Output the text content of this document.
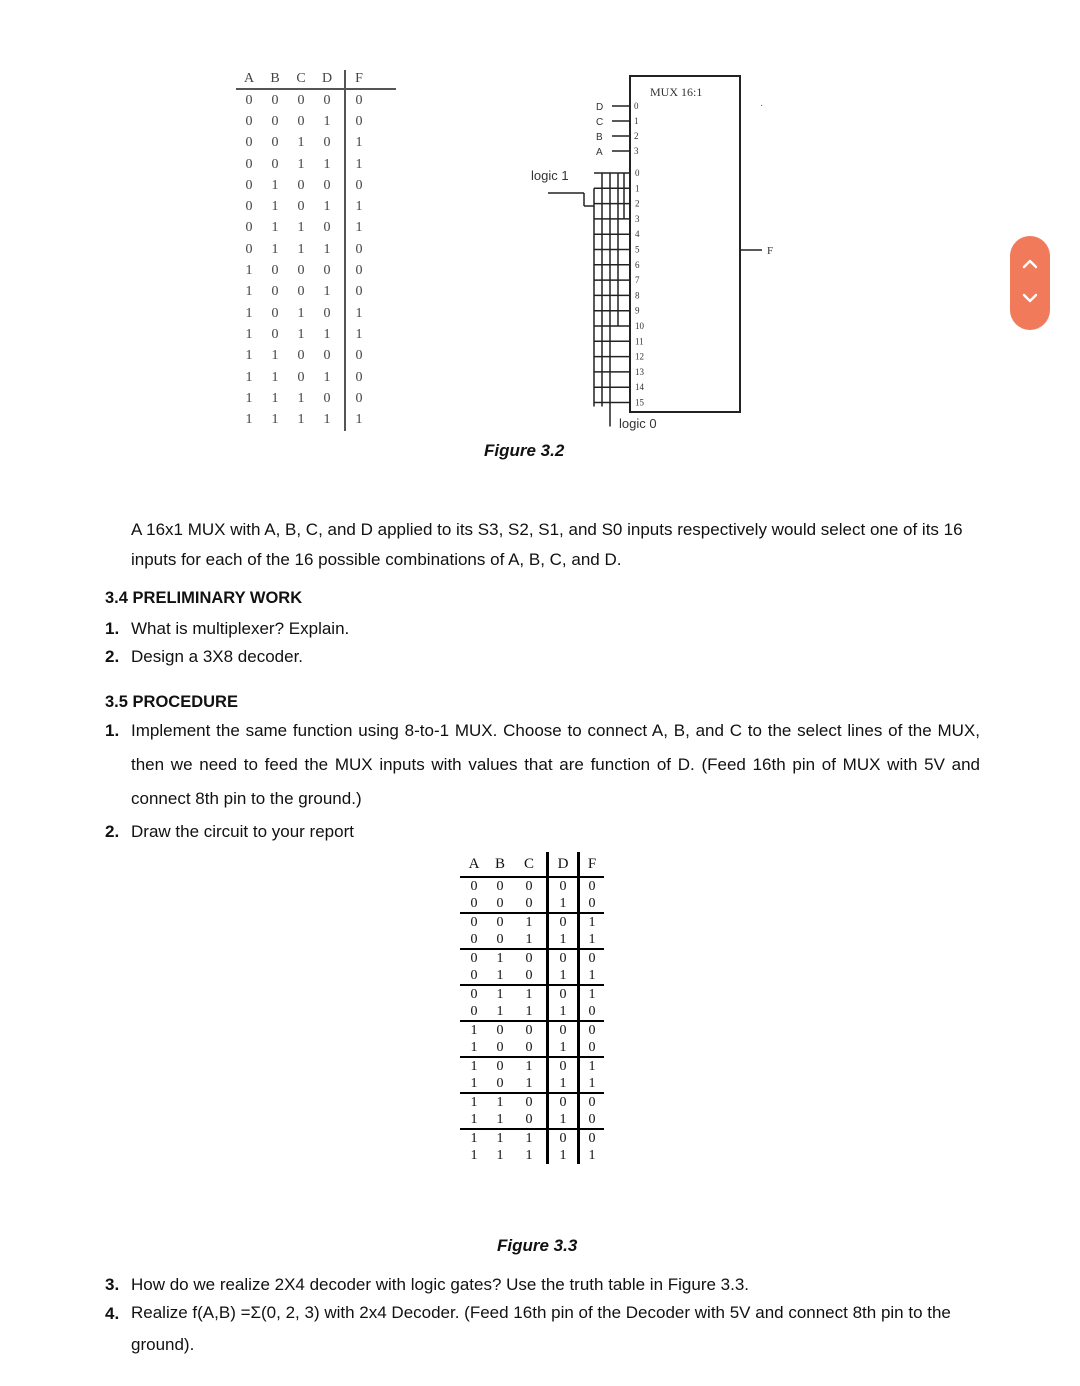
A	B	C	D	F
0	0	0	0	0
0	0	0	1	0
0	0	1	0	1
0	0	1	1	1
0	1	0	0	0
0	1	0	1	1
0	1	1	0	1
0	1	1	1	0
1	0	0	0	0
1	0	0	1	0
1	0	1	0	1
1	0	1	1	1
1	1	0	0	0
1	1	0	1	0
1	1	1	0	0
1	1	1	1	1
MUX 16:1
·
D	0
C	1
B	2
A	3
0
1
2
3
4
5
6
7
8
9
10
11
12
13
14
15
logic 1
logic 0
F
Figure 3.2
A 16x1 MUX with A, B, C, and D applied to its S3, S2, S1, and S0 inputs respectively would select one of its 16 inputs for each of the 16 possible combinations of A, B, C, and D.
3.4 PRELIMINARY WORK
1. What is multiplexer? Explain.
2. Design a 3X8 decoder.
3.5 PROCEDURE
1. Implement the same function using 8-to-1 MUX. Choose to connect A, B, and C to the select lines of the MUX, then we need to feed the MUX inputs with values that are function of D. (Feed 16th pin of MUX with 5V and connect 8th pin to the ground.)
2. Draw the circuit to your report
A	B	C	D	F
0	0	0	0	0
0	0	0	1	0
0	0	1	0	1
0	0	1	1	1
0	1	0	0	0
0	1	0	1	1
0	1	1	0	1
0	1	1	1	0
1	0	0	0	0
1	0	0	1	0
1	0	1	0	1
1	0	1	1	1
1	1	0	0	0
1	1	0	1	0
1	1	1	0	0
1	1	1	1	1
Figure 3.3
3. How do we realize 2X4 decoder with logic gates? Use the truth table in Figure 3.3.
4. Realize f(A,B) =Σ(0, 2, 3) with 2x4 Decoder. (Feed 16th pin of the Decoder with 5V and connect 8th pin to the ground).
